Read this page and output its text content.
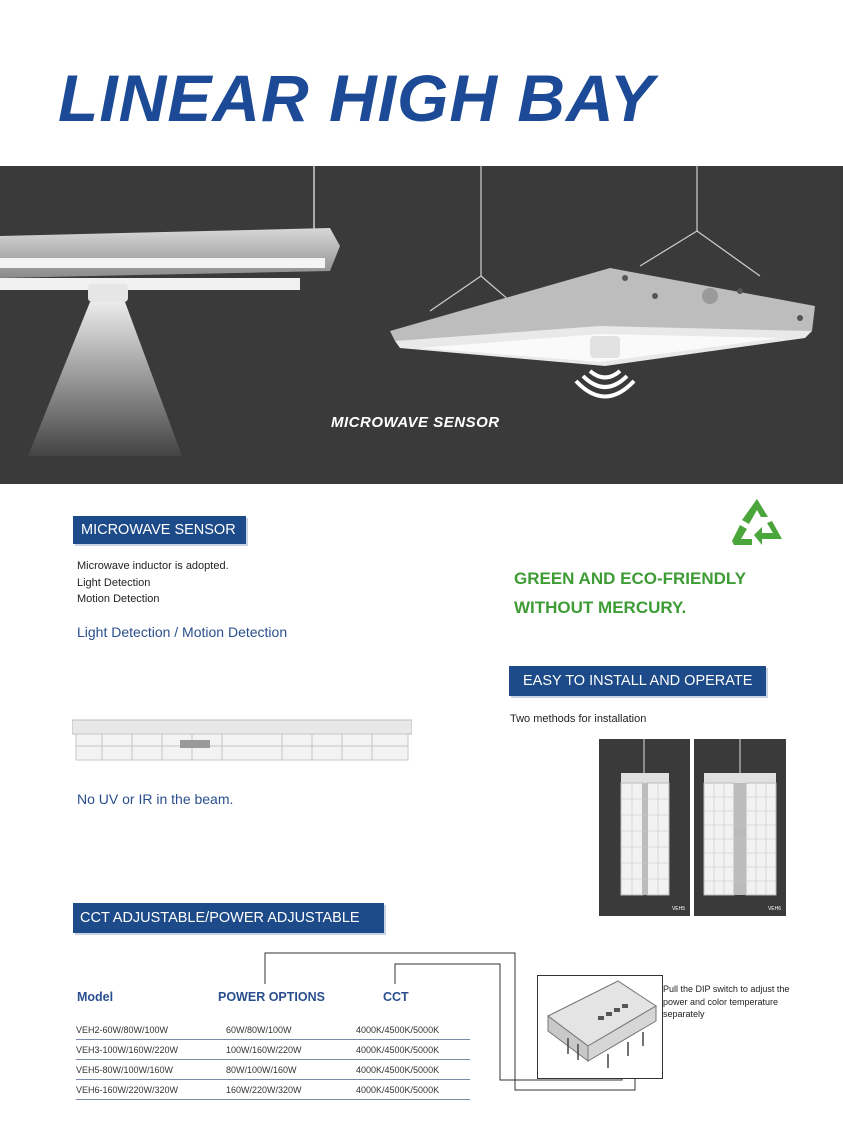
LINEAR HIGH BAY
MICROWAVE SENSOR
MICROWAVE SENSOR
Microwave inductor is adopted.
Light Detection
Motion Detection
Light Detection / Motion Detection
No UV or IR in the beam.
GREEN AND ECO-FRIENDLY
WITHOUT MERCURY.
EASY TO INSTALL AND OPERATE
Two methods for installation
VEH5	VEH6
CCT ADJUSTABLE/POWER ADJUSTABLE
Model	POWER OPTIONS	CCT
VEH2-60W/80W/100W	60W/80W/100W	4000K/4500K/5000K
VEH3-100W/160W/220W	100W/160W/220W	4000K/4500K/5000K
VEH5-80W/100W/160W	80W/100W/160W	4000K/4500K/5000K
VEH6-160W/220W/320W	160W/220W/320W	4000K/4500K/5000K
Pull the DIP switch to adjust the power and color temperature separately
